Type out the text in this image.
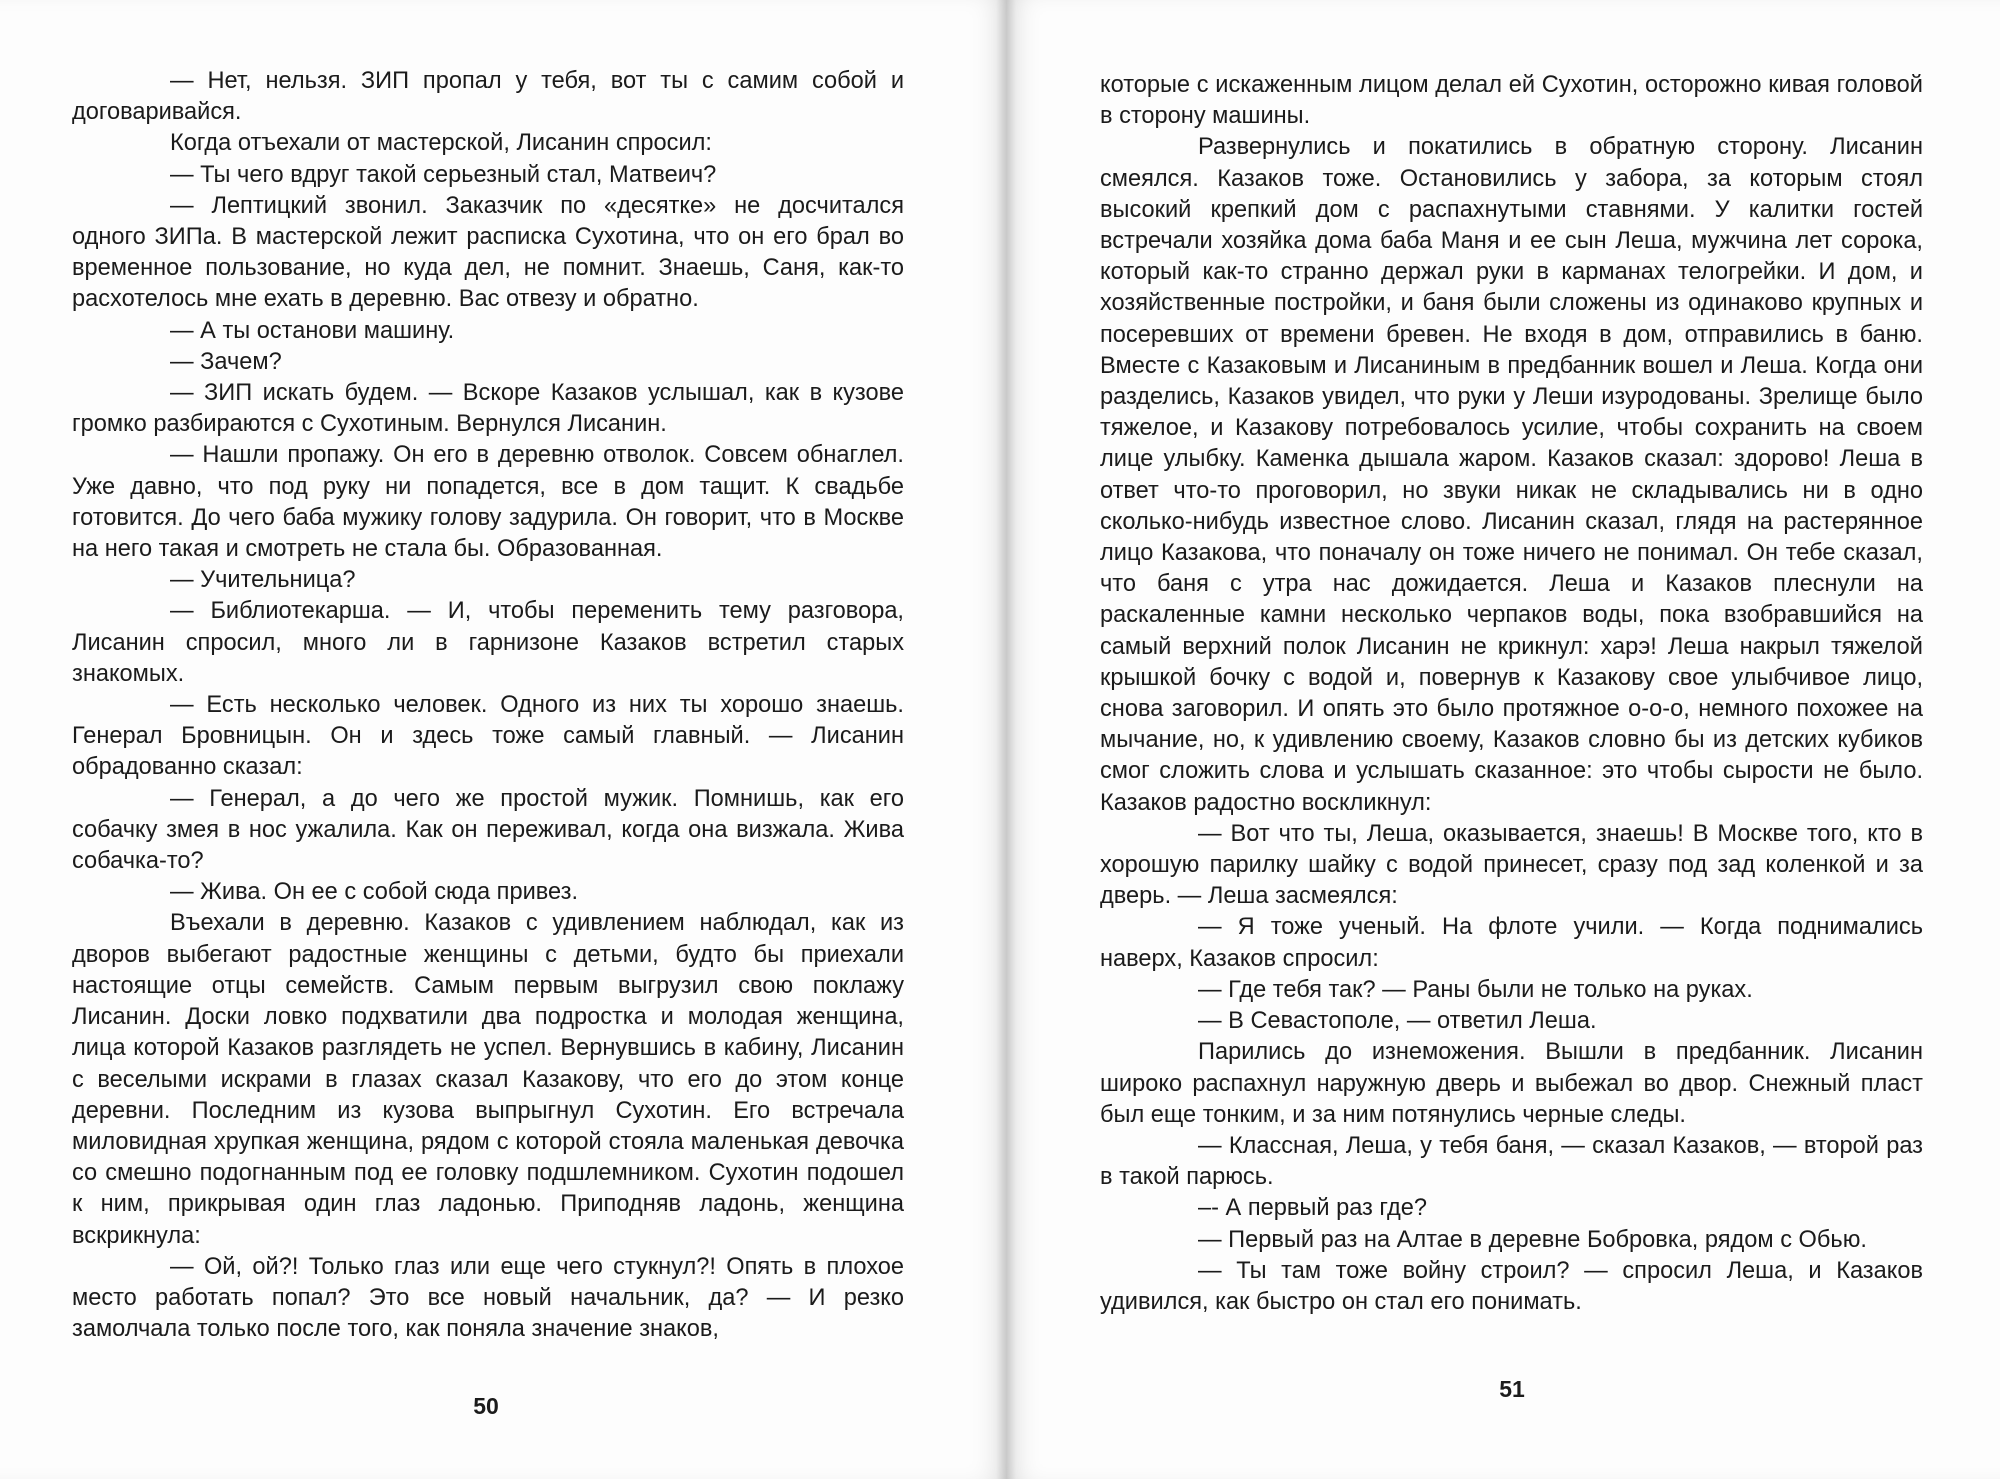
— Нет, нельзя. ЗИП пропал у тебя, вот ты с самим собой и договаривайся.

Когда отъехали от мастерской, Лисанин спросил:

— Ты чего вдруг такой серьезный стал, Матвеич?

— Лептицкий звонил. Заказчик по «десятке» не досчитался одного ЗИПа. В мастерской лежит расписка Сухотина, что он его брал во временное пользование, но куда дел, не помнит. Знаешь, Саня, как-то расхотелось мне ехать в деревню. Вас отвезу и обратно.

— А ты останови машину.

— Зачем?

— ЗИП искать будем. — Вскоре Казаков услышал, как в кузове громко разбираются с Сухотиным. Вернулся Лисанин.

— Нашли пропажу. Он его в деревню отволок. Совсем обнаглел. Уже давно, что под руку ни попадется, все в дом тащит. К свадьбе готовится. До чего баба мужику голову задурила. Он говорит, что в Москве на него такая и смотреть не стала бы. Образованная.

— Учительница?

— Библиотекарша. — И, чтобы переменить тему разговора, Лисанин спросил, много ли в гарнизоне Казаков встретил старых знакомых.

— Есть несколько человек. Одного из них ты хорошо знаешь. Генерал Бровницын. Он и здесь тоже самый главный. — Лисанин обрадованно сказал:

— Генерал, а до чего же простой мужик. Помнишь, как его собачку змея в нос ужалила. Как он переживал, когда она визжала. Жива собачка-то?

— Жива. Он ее с собой сюда привез.

Въехали в деревню. Казаков с удивлением наблюдал, как из дворов выбегают радостные женщины с детьми, будто бы приехали настоящие отцы семейств. Самым первым выгрузил свою поклажу Лисанин. Доски ловко подхватили два подростка и молодая женщина, лица которой Казаков разглядеть не успел. Вернувшись в кабину, Лисанин с веселыми искрами в глазах сказал Казакову, что его до этом конце деревни. Последним из кузова выпрыгнул Сухотин. Его встречала миловидная хрупкая женщина, рядом с которой стояла маленькая девочка со смешно подогнанным под ее головку подшлемником. Сухотин подошел к ним, прикрывая один глаз ладонью. Приподняв ладонь, женщина вскрикнула:

— Ой, ой?! Только глаз или еще чего стукнул?! Опять в плохое место работать попал? Это все новый начальник, да? — И резко замолчала только после того, как поняла значение знаков,

50

которые с искаженным лицом делал ей Сухотин, осторожно кивая головой в сторону машины.

Развернулись и покатились в обратную сторону. Лисанин смеялся. Казаков тоже. Остановились у забора, за которым стоял высокий крепкий дом с распахнутыми ставнями. У калитки гостей встречали хозяйка дома баба Маня и ее сын Леша, мужчина лет сорока, который как-то странно держал руки в карманах телогрейки. И дом, и хозяйственные постройки, и баня были сложены из одинаково крупных и посеревших от времени бревен. Не входя в дом, отправились в баню. Вместе с Казаковым и Лисаниным в предбанник вошел и Леша. Когда они разделись, Казаков увидел, что руки у Леши изуродованы. Зрелище было тяжелое, и Казакову потребовалось усилие, чтобы сохранить на своем лице улыбку. Каменка дышала жаром. Казаков сказал: здорово! Леша в ответ что-то проговорил, но звуки никак не складывались ни в одно сколько-нибудь известное слово. Лисанин сказал, глядя на растерянное лицо Казакова, что поначалу он тоже ничего не понимал. Он тебе сказал, что баня с утра нас дожидается. Леша и Казаков плеснули на раскаленные камни несколько черпаков воды, пока взобравшийся на самый верхний полок Лисанин не крикнул: харэ! Леша накрыл тяжелой крышкой бочку с водой и, повернув к Казакову свое улыбчивое лицо, снова заговорил. И опять это было протяжное о-о-о, немного похожее на мычание, но, к удивлению своему, Казаков словно бы из детских кубиков смог сложить слова и услышать сказанное: это чтобы сырости не было. Казаков радостно воскликнул:

— Вот что ты, Леша, оказывается, знаешь! В Москве того, кто в хорошую парилку шайку с водой принесет, сразу под зад коленкой и за дверь. — Леша засмеялся:

— Я тоже ученый. На флоте учили. — Когда поднимались наверх, Казаков спросил:

— Где тебя так? — Раны были не только на руках.

— В Севастополе, — ответил Леша.

Парились до изнеможения. Вышли в предбанник. Лисанин широко распахнул наружную дверь и выбежал во двор. Снежный пласт был еще тонким, и за ним потянулись черные следы.

— Классная, Леша, у тебя баня, — сказал Казаков, — второй раз в такой парюсь.

–- А первый раз где?

— Первый раз на Алтае в деревне Бобровка, рядом с Обью.

— Ты там тоже войну строил? — спросил Леша, и Казаков удивился, как быстро он стал его понимать.

51
